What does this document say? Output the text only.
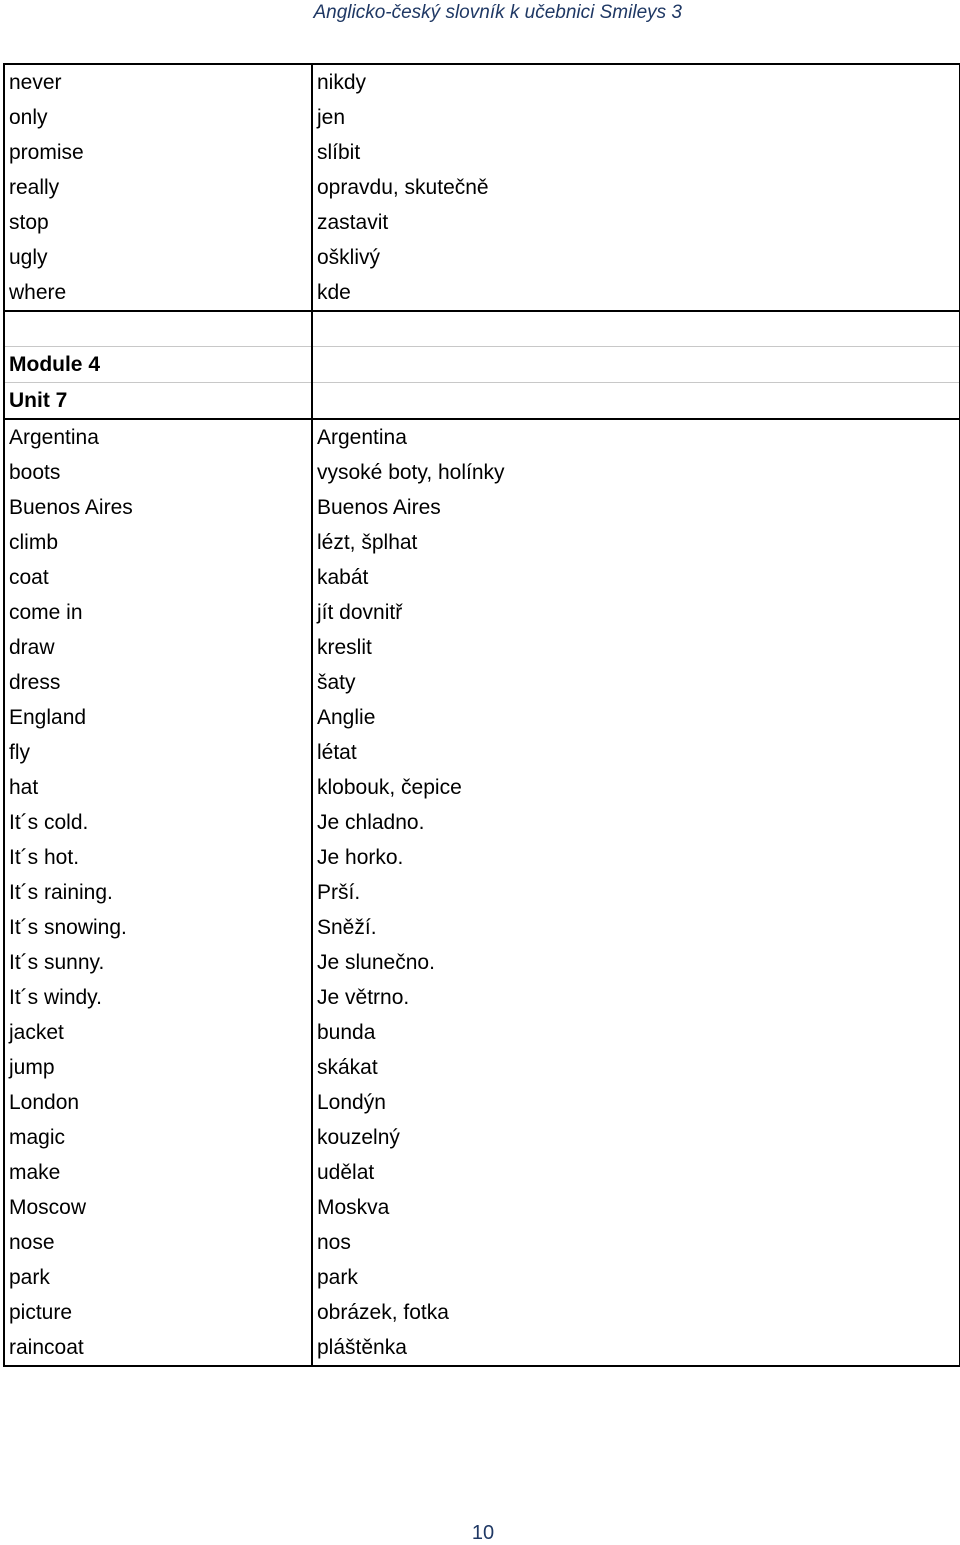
Anglicko-český slovník k učebnici Smileys 3
never	nikdy
only	jen
promise	slíbit
really	opravdu, skutečně
stop	zastavit
ugly	ošklivý
where	kde

Module 4	
Unit 7	
Argentina	Argentina
boots	vysoké boty, holínky
Buenos Aires	Buenos Aires
climb	lézt, šplhat
coat	kabát
come in	jít dovnitř
draw	kreslit
dress	šaty
England	Anglie
fly	létat
hat	klobouk, čepice
It´s cold.	Je chladno.
It´s hot.	Je horko.
It´s raining.	Prší.
It´s snowing.	Sněží.
It´s sunny.	Je slunečno.
It´s windy.	Je větrno.
jacket	bunda
jump	skákat
London	Londýn
magic	kouzelný
make	udělat
Moscow	Moskva
nose	nos
park	park
picture	obrázek, fotka
raincoat	pláštěnka
10
